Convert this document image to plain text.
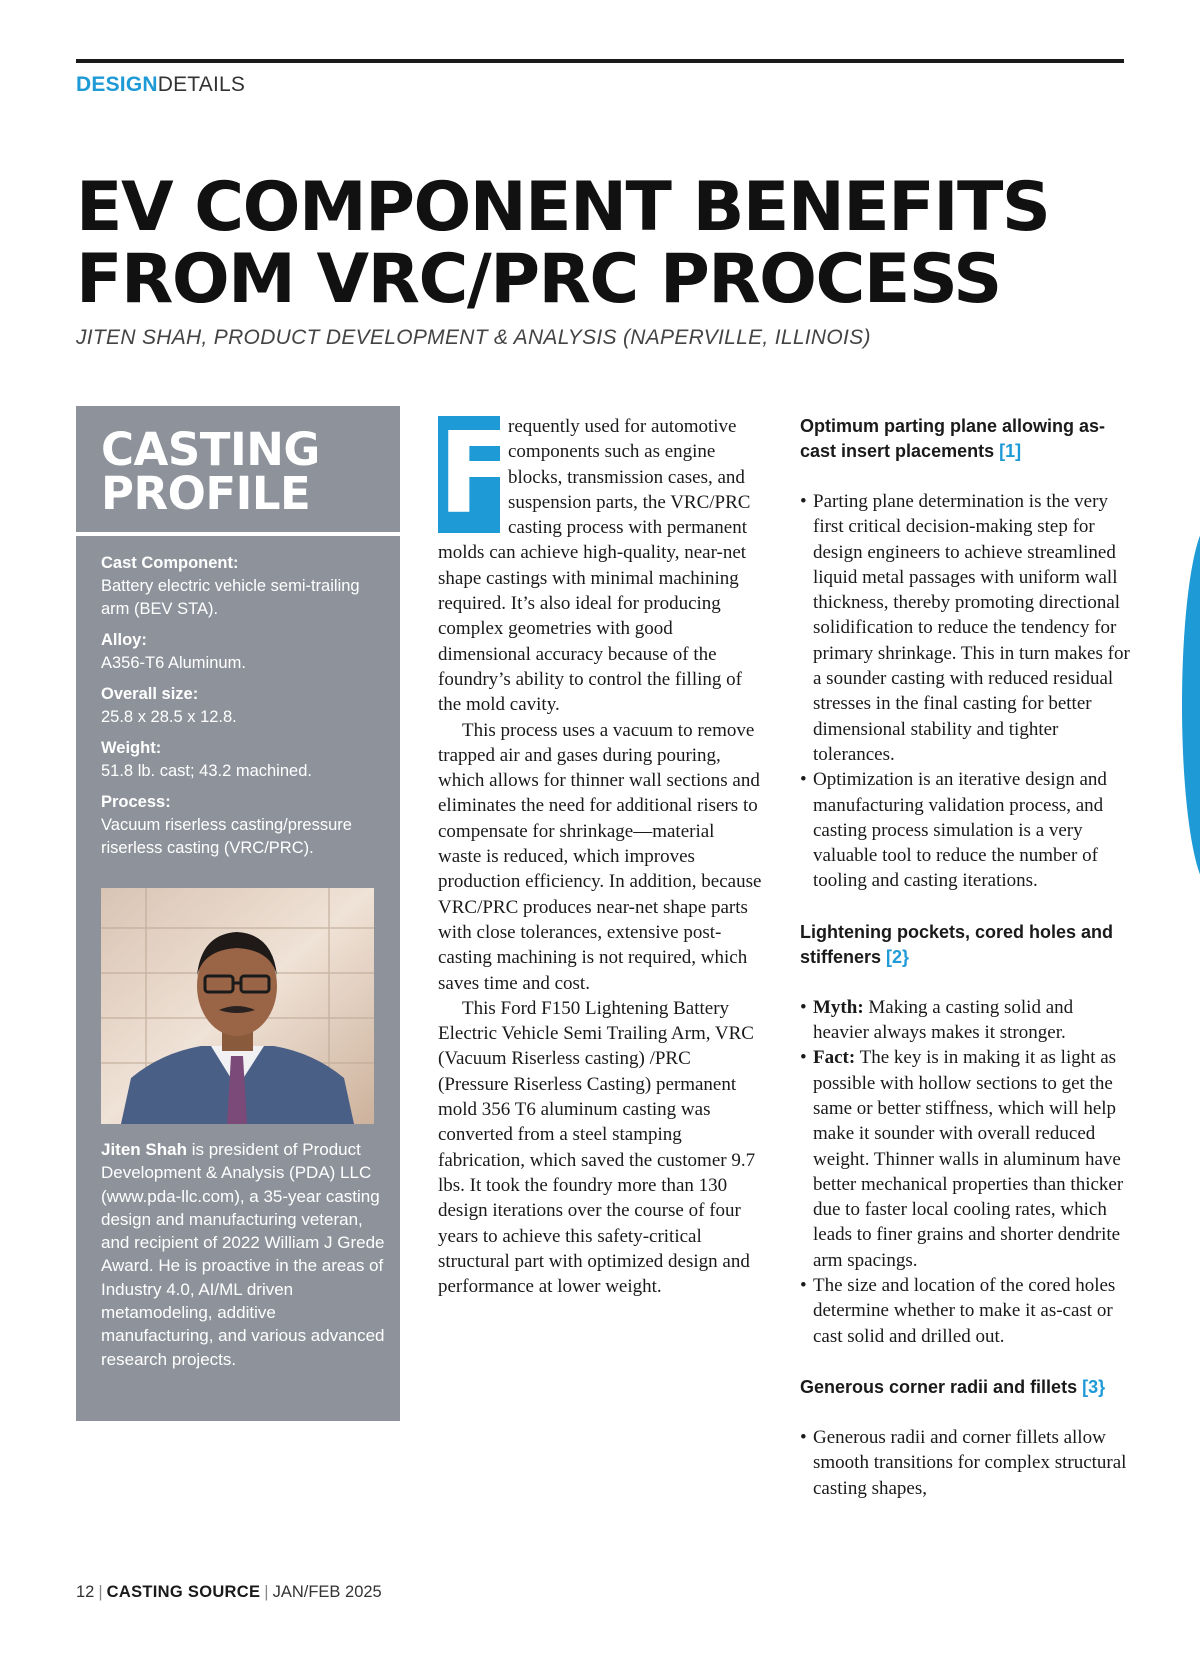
DESIGNDETAILS
EV COMPONENT BENEFITS
FROM VRC/PRC PROCESS
JITEN SHAH, PRODUCT DEVELOPMENT & ANALYSIS (NAPERVILLE, ILLINOIS)
CASTING
PROFILE
Cast Component:
Battery electric vehicle semi-trailing arm (BEV STA).
Alloy:
A356-T6 Aluminum.
Overall size:
25.8 x 28.5 x 12.8.
Weight:
51.8 lb. cast; 43.2 machined.
Process:
Vacuum riserless casting/pressure riserless casting (VRC/PRC).
Jiten Shah is president of Product Development & Analysis (PDA) LLC (www.pda-llc.com), a 35-year casting design and manufacturing veteran, and recipient of 2022 William J Grede Award. He is proactive in the areas of Industry 4.0, AI/ML driven metamodeling, additive manufacturing, and various advanced research projects.
F

requently used for automotive components such as engine blocks, transmission cases, and suspension parts, the VRC/PRC casting process with permanent molds can achieve high-quality, near-net shape castings with minimal machining required. It’s also ideal for producing complex geometries with good dimensional accuracy because of the foundry’s ability to control the filling of the mold cavity.

This process uses a vacuum to remove trapped air and gases during pouring, which allows for thinner wall sections and eliminates the need for additional risers to compensate for shrinkage—material waste is reduced, which improves production efficiency. In addition, because VRC/PRC produces near-net shape parts with close tolerances, extensive post-casting machining is not required, which saves time and cost.

This Ford F150 Lightening Battery Electric Vehicle Semi Trailing Arm, VRC (Vacuum Riserless casting) /PRC (Pressure Riserless Casting) permanent mold 356 T6 aluminum casting was converted from a steel stamping fabrication, which saved the customer 9.7 lbs. It took the foundry more than 130 design iterations over the course of four years to achieve this safety-critical structural part with optimized design and performance at lower weight.

Optimum parting plane allowing as-cast insert placements [1]
• Parting plane determination is the very first critical decision-making step for design engineers to achieve streamlined liquid metal passages with uniform wall thickness, thereby promoting directional solidification to reduce the tendency for primary shrinkage. This in turn makes for a sounder casting with reduced residual stresses in the final casting for better dimensional stability and tighter tolerances.
• Optimization is an iterative design and manufacturing validation process, and casting process simulation is a very valuable tool to reduce the number of tooling and casting iterations.
Lightening pockets, cored holes and stiffeners [2}
• Myth: Making a casting solid and heavier always makes it stronger.
• Fact: The key is in making it as light as possible with hollow sections to get the same or better stiffness, which will help make it sounder with overall reduced weight. Thinner walls in aluminum have better mechanical properties than thicker due to faster local cooling rates, which leads to finer grains and shorter dendrite arm spacings.
• The size and location of the cored holes determine whether to make it as-cast or cast solid and drilled out.
Generous corner radii and fillets [3}
• Generous radii and corner fillets allow smooth transitions for complex structural casting shapes,
12 | CASTING SOURCE | JAN/FEB 2025
